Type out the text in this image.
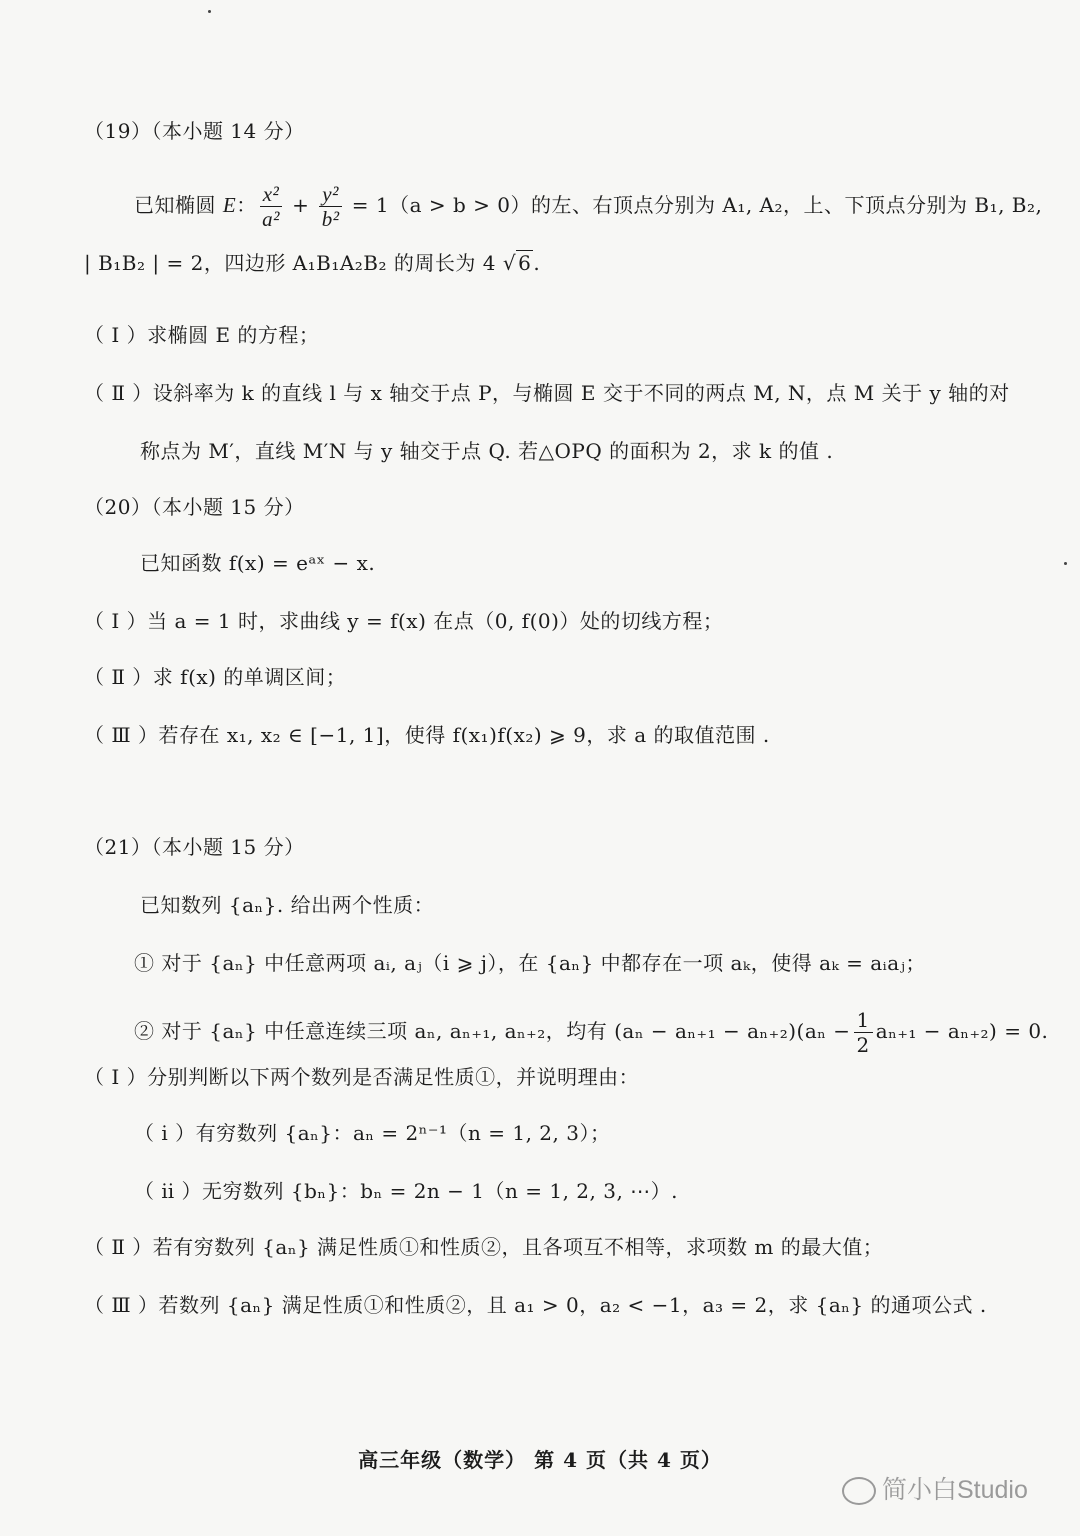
（19）（本小题 14 分）
已知椭圆 E： $\frac{\text{x²}}{\text{a²}} + \frac{\text{y²}}{\text{b²}} = 1(a > b > 0)$的左、右顶点分别为 A₁, A₂，上、下顶点分别为 B₁, B₂,
| B₁B₂ | = 2，四边形 A₁B₁A₂B₂ 的周长为 4 √ 6 .
（ Ⅰ ）求椭圆 E 的方程；
（ Ⅱ ）设斜率为 k 的直线 l 与 x 轴交于点 P，与椭圆 E 交于不同的两点 M, N，点 M 关于 y 轴的对
称点为 M′，直线 M′N 与 y 轴交于点 Q. 若△OPQ 的面积为 2，求 k 的值 .
（20）（本小题 15 分）
已知函数 f(x) = eᵃˣ − x.
（ Ⅰ ）当 a = 1 时，求曲线 y = f(x) 在点（0, f(0)）处的切线方程；
（ Ⅱ ）求 f(x) 的单调区间；
（ Ⅲ ）若存在 x₁, x₂ ∈ [−1, 1]，使得 f(x₁)f(x₂) ⩾ 9，求 a 的取值范围 .
（21）（本小题 15 分）
已知数列 {aₙ}. 给出两个性质：
① 对于 {aₙ} 中任意两项 aᵢ, aⱼ（i ⩾ j），在 {aₙ} 中都存在一项 aₖ，使得 aₖ = aᵢaⱼ；
② 对于 {aₙ} 中任意连续三项 aₙ, aₙ₊₁, aₙ₊₂，均有 $(a_n - a_{n+1} - a_{n+2})(a_n - \frac{1}{2} a_{n+1} - a_{n+2}) = 0$.
（ Ⅰ ）分别判断以下两个数列是否满足性质①，并说明理由：
（ ⅰ ）有穷数列 {aₙ}：aₙ = 2ⁿ⁻¹（n = 1, 2, 3）；
（ ⅱ ）无穷数列 {bₙ}：bₙ = 2n − 1（n = 1, 2, 3, ⋯）.
（ Ⅱ ）若有穷数列 {aₙ} 满足性质①和性质②，且各项互不相等，求项数 m 的最大值；
（ Ⅲ ）若数列 {aₙ} 满足性质①和性质②，且 a₁ > 0，a₂ < −1，a₃ = 2，求 {aₙ} 的通项公式 .
高三年级（数学） 第 4 页（共 4 页）
简小白Studio
